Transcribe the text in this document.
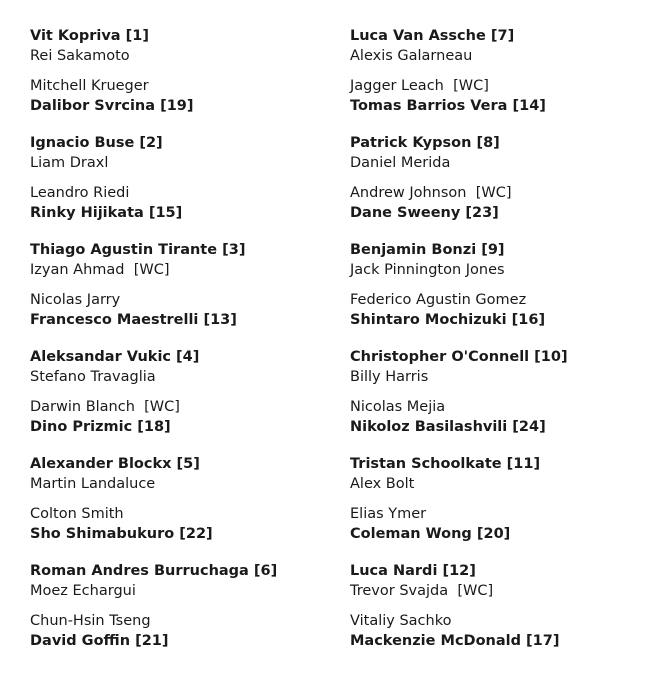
Vit Kopriva [1]
Rei Sakamoto
Mitchell Krueger
Dalibor Svrcina [19]
Ignacio Buse [2]
Liam Draxl
Leandro Riedi
Rinky Hijikata [15]
Thiago Agustin Tirante [3]
Izyan Ahmad  [WC]
Nicolas Jarry
Francesco Maestrelli [13]
Aleksandar Vukic [4]
Stefano Travaglia
Darwin Blanch  [WC]
Dino Prizmic [18]
Alexander Blockx [5]
Martin Landaluce
Colton Smith
Sho Shimabukuro [22]
Roman Andres Burruchaga [6]
Moez Echargui
Chun-Hsin Tseng
David Goffin [21]
Luca Van Assche [7]
Alexis Galarneau
Jagger Leach  [WC]
Tomas Barrios Vera [14]
Patrick Kypson [8]
Daniel Merida
Andrew Johnson  [WC]
Dane Sweeny [23]
Benjamin Bonzi [9]
Jack Pinnington Jones
Federico Agustin Gomez
Shintaro Mochizuki [16]
Christopher O'Connell [10]
Billy Harris
Nicolas Mejia
Nikoloz Basilashvili [24]
Tristan Schoolkate [11]
Alex Bolt
Elias Ymer
Coleman Wong [20]
Luca Nardi [12]
Trevor Svajda  [WC]
Vitaliy Sachko
Mackenzie McDonald [17]
